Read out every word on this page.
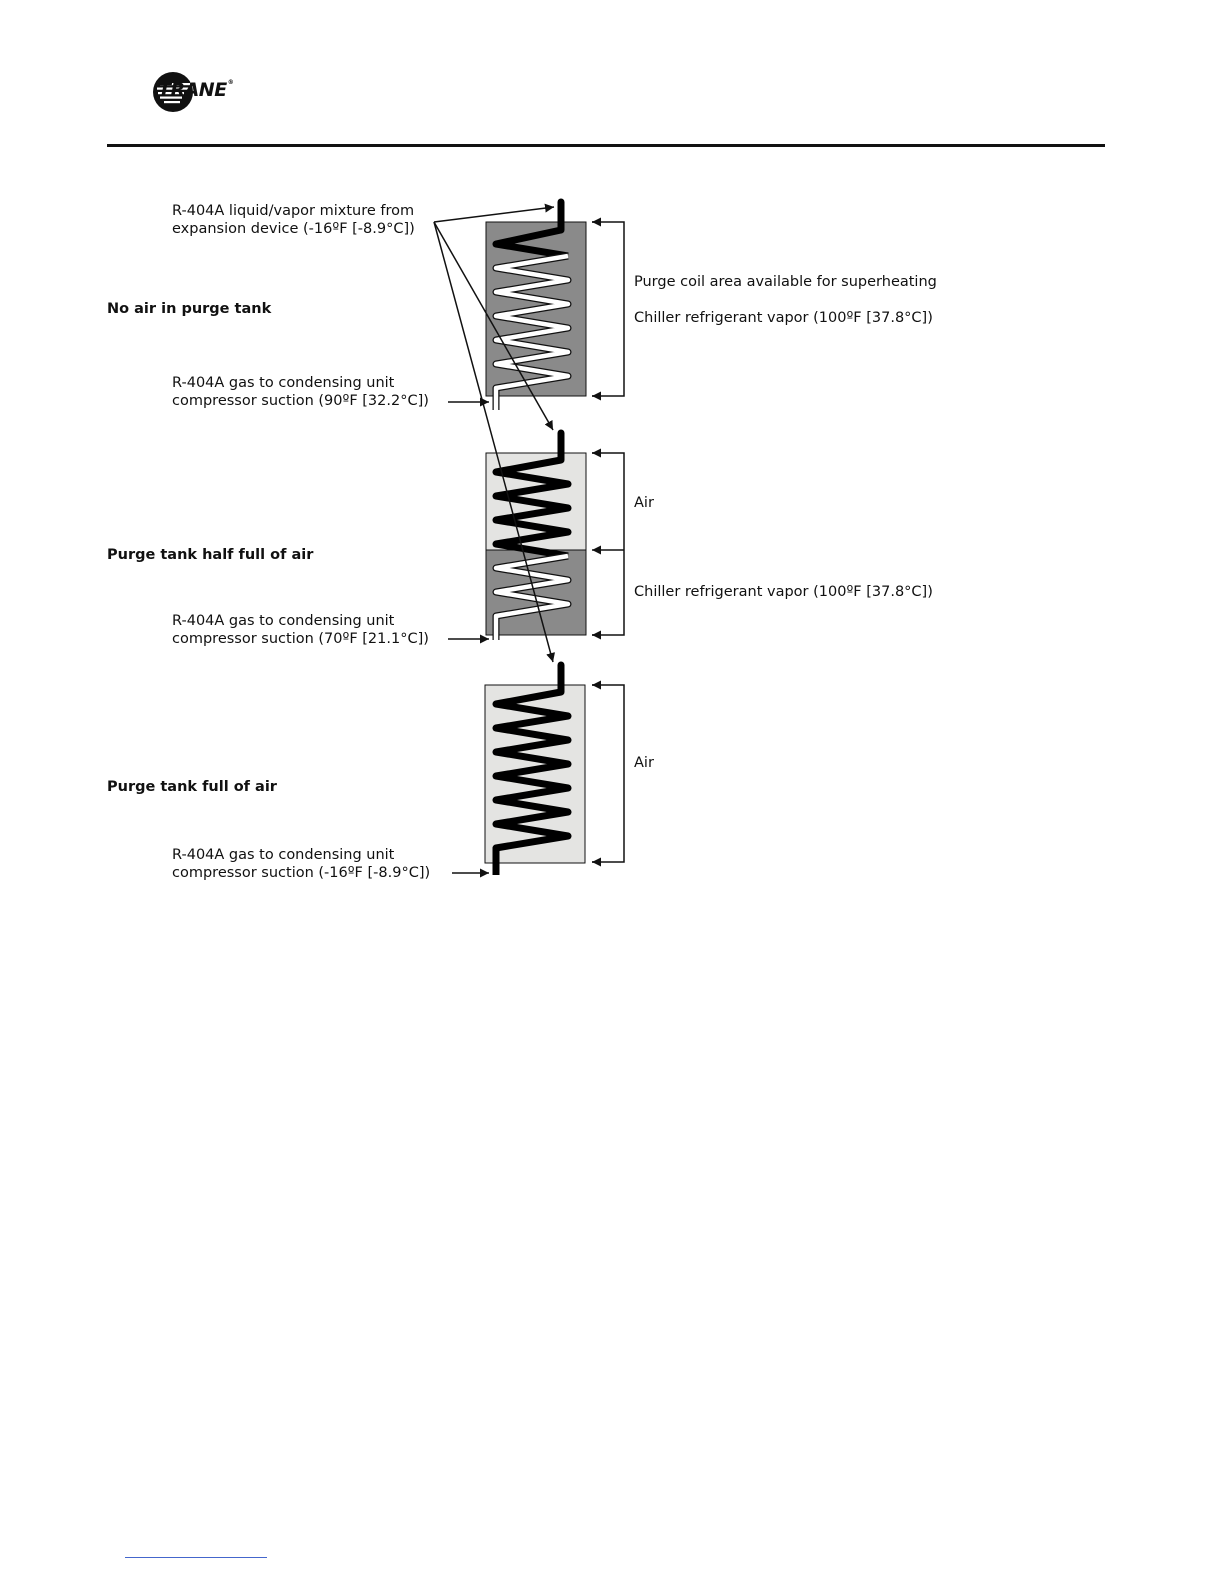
TRANE®
R-404A liquid/vapor mixture from
expansion device (-16ºF [-8.9°C])
No air in purge tank
R-404A gas to condensing unit
compressor suction (90ºF [32.2°C])
Purge coil area available for superheating
Chiller refrigerant vapor (100ºF [37.8°C])
Purge tank half full of air
R-404A gas to condensing unit
compressor suction (70ºF [21.1°C])
Air
Chiller refrigerant vapor (100ºF [37.8°C])
Purge tank full of air
R-404A gas to condensing unit
compressor suction (-16ºF [-8.9°C])
Air
